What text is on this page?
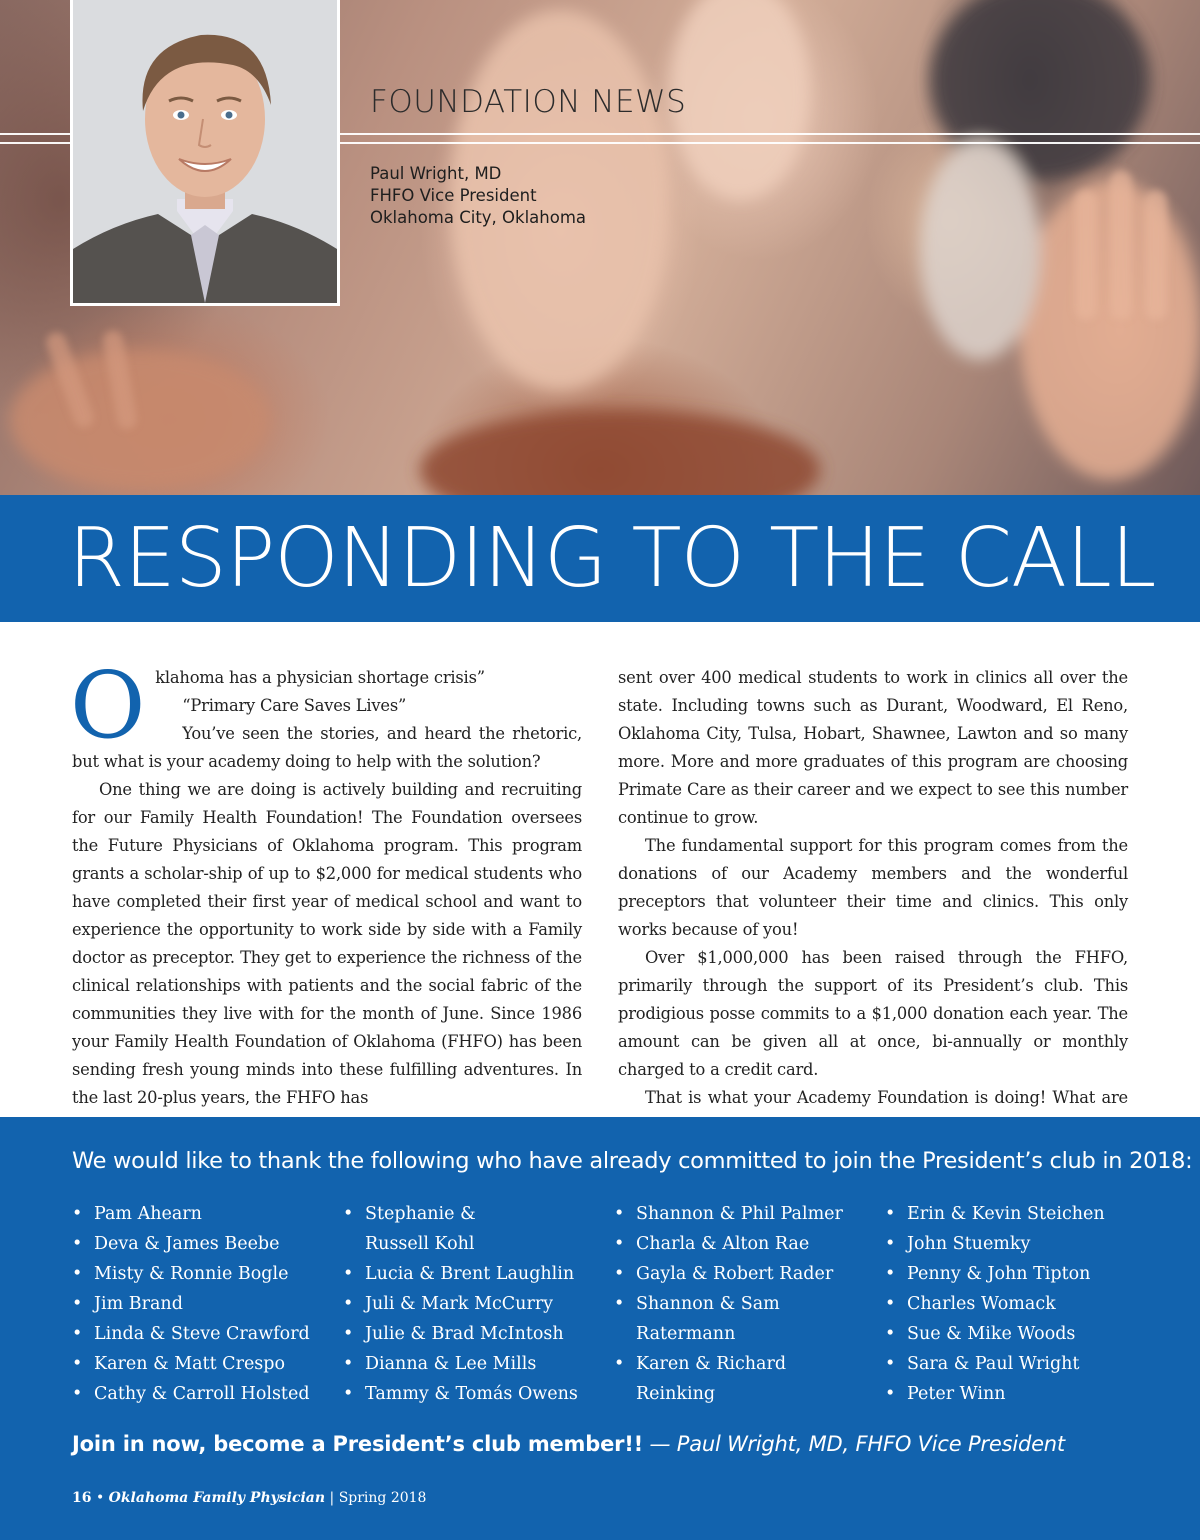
FOUNDATION NEWS
Paul Wright, MD
FHFO Vice President
Oklahoma City, Oklahoma
RESPONDING TO THE CALL

Oklahoma has a physician shortage crisis”

“Primary Care Saves Lives”

You’ve seen the stories, and heard the rhetoric, but what is your academy doing to help with the solution?

One thing we are doing is actively building and recruiting for our Family Health Foundation! The Foundation oversees the Future Physicians of Oklahoma program. This program grants a scholar-ship of up to $2,000 for medical students who have completed their first year of medical school and want to experience the opportunity to work side by side with a Family doctor as preceptor. They get to experience the richness of the clinical relationships with patients and the social fabric of the communities they live with for the month of June. Since 1986 your Family Health Foundation of Oklahoma (FHFO) has been sending fresh young minds into these fulfilling adventures. In the last 20-plus years, the FHFO has

sent over 400 medical students to work in clinics all over the state. Including towns such as Durant, Woodward, El Reno, Oklahoma City, Tulsa, Hobart, Shawnee, Lawton and so many more. More and more graduates of this program are choosing Primate Care as their career and we expect to see this number continue to grow.

The fundamental support for this program comes from the donations of our Academy members and the wonderful preceptors that volunteer their time and clinics. This only works because of you!

Over $1,000,000 has been raised through the FHFO, primarily through the support of its President’s club. This prodigious posse commits to a $1,000 donation each year. The amount can be given all at once, bi-annually or monthly charged to a credit card.

That is what your Academy Foundation is doing! What are

We would like to thank the following who have already committed to join the President’s club in 2018:
• Pam Ahearn
• Deva & James Beebe
• Misty & Ronnie Bogle
• Jim Brand
• Linda & Steve Crawford
• Karen & Matt Crespo
• Cathy & Carroll Holsted
• Stephanie &
Russell Kohl
• Lucia & Brent Laughlin
• Juli & Mark McCurry
• Julie & Brad McIntosh
• Dianna & Lee Mills
• Tammy & Tomás Owens
• Shannon & Phil Palmer
• Charla & Alton Rae
• Gayla & Robert Rader
• Shannon & Sam
Ratermann
• Karen & Richard
Reinking
• Erin & Kevin Steichen
• John Stuemky
• Penny & John Tipton
• Charles Womack
• Sue & Mike Woods
• Sara & Paul Wright
• Peter Winn
Join in now, become a President’s club member!! — Paul Wright, MD, FHFO Vice President
16 • Oklahoma Family Physician | Spring 2018
